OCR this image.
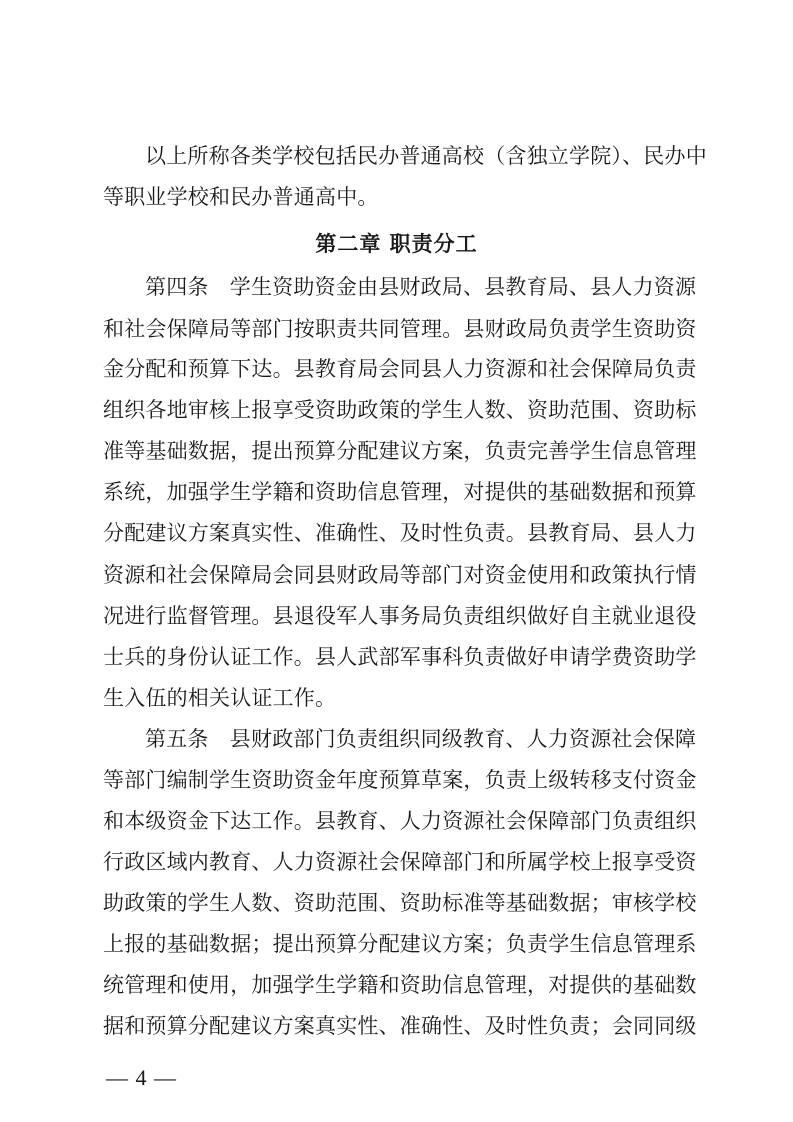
以上所称各类学校包括民办普通高校（含独立学院）、民办中
等职业学校和民办普通高中。
第二章 职责分工
第四条　学生资助资金由县财政局、县教育局、县人力资源
和社会保障局等部门按职责共同管理。县财政局负责学生资助资
金分配和预算下达。县教育局会同县人力资源和社会保障局负责
组织各地审核上报享受资助政策的学生人数、资助范围、资助标
准等基础数据，提出预算分配建议方案，负责完善学生信息管理
系统，加强学生学籍和资助信息管理，对提供的基础数据和预算
分配建议方案真实性、准确性、及时性负责。县教育局、县人力
资源和社会保障局会同县财政局等部门对资金使用和政策执行情
况进行监督管理。县退役军人事务局负责组织做好自主就业退役
士兵的身份认证工作。县人武部军事科负责做好申请学费资助学
生入伍的相关认证工作。
第五条　县财政部门负责组织同级教育、人力资源社会保障
等部门编制学生资助资金年度预算草案，负责上级转移支付资金
和本级资金下达工作。县教育、人力资源社会保障部门负责组织
行政区域内教育、人力资源社会保障部门和所属学校上报享受资
助政策的学生人数、资助范围、资助标准等基础数据；审核学校
上报的基础数据；提出预算分配建议方案；负责学生信息管理系
统管理和使用，加强学生学籍和资助信息管理，对提供的基础数
据和预算分配建议方案真实性、准确性、及时性负责；会同同级
— 4 —
